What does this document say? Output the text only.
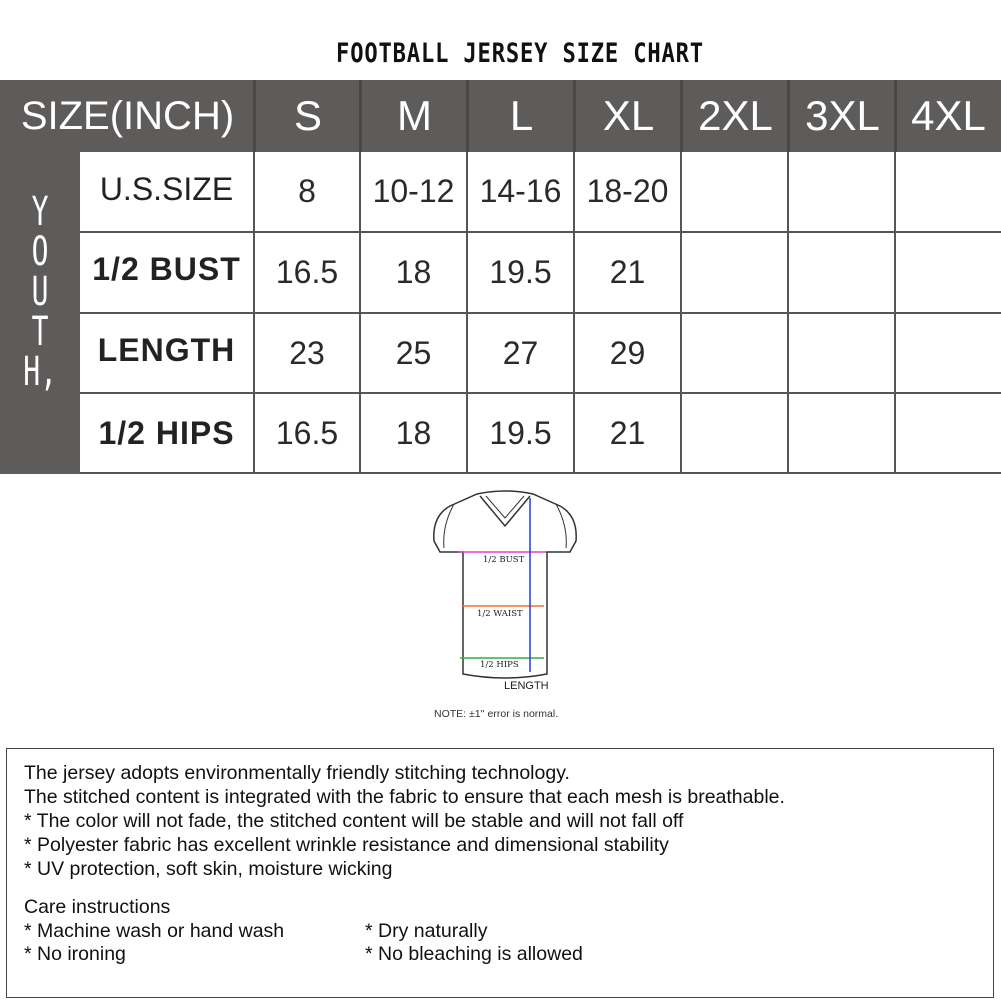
FOOTBALL JERSEY SIZE CHART
SIZE(INCH)	S	M	L	XL	2XL 3XL 4XL
Y
O
U
T
H,
U.S.SIZE	8	10-12 14-16 18-20
1/2 BUST	16.5	18	19.5	21
LENGTH	23	25	27	29
1/2 HIPS	16.5	18	19.5	21
1/2 BUST
1/2 WAIST
1/2 HIPS
LENGTH
NOTE: ±1'' error is normal.
The jersey adopts environmentally friendly stitching technology.
The stitched content is integrated with the fabric to ensure that each mesh is breathable.
* The color will not fade, the stitched content will be stable and will not fall off
* Polyester fabric has excellent wrinkle resistance and dimensional stability
* UV protection, soft skin, moisture wicking
Care instructions
* Machine wash or hand wash	* Dry naturally
* No ironing	* No bleaching is allowed
